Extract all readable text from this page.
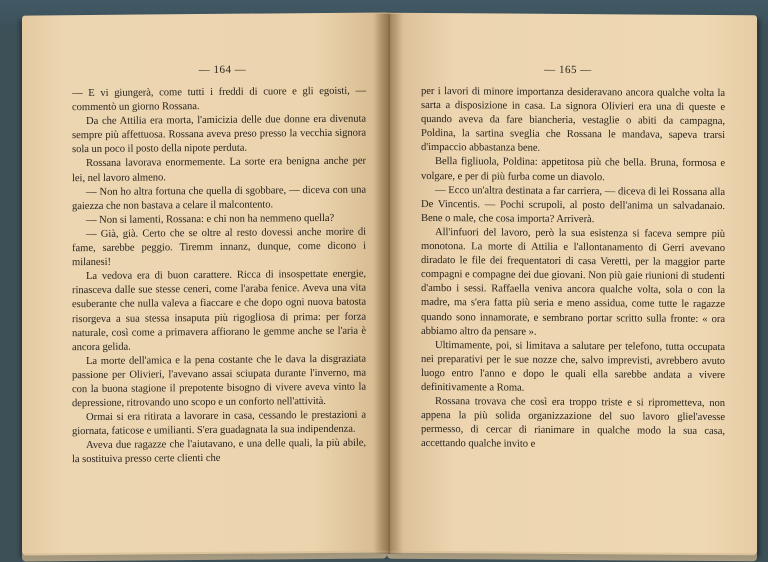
— 164 —

— E vi giungerà, come tutti i freddi di cuore e gli egoisti, — commentò un giorno Rossana.

Da che Attilia era morta, l'amicizia delle due donne era divenuta sempre più affettuosa. Rossana aveva preso presso la vecchia signora sola un poco il posto della nipote perduta.

Rossana lavorava enormemente. La sorte era benigna anche per lei, nel lavoro almeno.

— Non ho altra fortuna che quella di sgobbare, — diceva con una gaiezza che non bastava a celare il malcontento.

— Non si lamenti, Rossana: e chi non ha nemmeno quella?

— Già, già. Certo che se oltre al resto dovessi anche morire di fame, sarebbe peggio. Tiremm innanz, dunque, come dicono i milanesi!

La vedova era di buon carattere. Ricca di insospettate energie, rinasceva dalle sue stesse ceneri, come l'araba fenice. Aveva una vita esuberante che nulla valeva a fiaccare e che dopo ogni nuova batosta risorgeva a sua stessa insaputa più rigogliosa di prima: per forza naturale, così come a primavera affiorano le gemme anche se l'aria è ancora gelida.

La morte dell'amica e la pena costante che le dava la disgraziata passione per Olivieri, l'avevano assai sciupata durante l'inverno, ma con la buona stagione il prepotente bisogno di vivere aveva vinto la depressione, ritrovando uno scopo e un conforto nell'attività.

Ormai si era ritirata a lavorare in casa, cessando le prestazioni a giornata, faticose e umilianti. S'era guadagnata la sua indipendenza.

Aveva due ragazze che l'aiutavano, e una delle quali, la più abile, la sostituiva presso certe clienti che

— 165 —

per i lavori di minore importanza desideravano ancora qualche volta la sarta a disposizione in casa. La signora Olivieri era una di queste e quando aveva da fare biancheria, vestaglie o abiti da campagna, Poldina, la sartina sveglia che Rossana le mandava, sapeva trarsi d'impaccio abbastanza bene.

Bella figliuola, Poldina: appetitosa più che bella. Bruna, formosa e volgare, e per di più furba come un diavolo.

— Ecco un'altra destinata a far carriera, — diceva di lei Rossana alla De Vincentis. — Pochi scrupoli, al posto dell'anima un salvadanaio. Bene o male, che cosa importa? Arriverà.

All'infuori del lavoro, però la sua esistenza si faceva sempre più monotona. La morte di Attilia e l'allontanamento di Gerri avevano diradato le file dei frequentatori di casa Veretti, per la maggior parte compagni e compagne dei due giovani. Non più gaie riunioni di studenti d'ambo i sessi. Raffaella veniva ancora qualche volta, sola o con la madre, ma s'era fatta più seria e meno assidua, come tutte le ragazze quando sono innamorate, e sembrano portar scritto sulla fronte: « ora abbiamo altro da pensare ».

Ultimamente, poi, si limitava a salutare per telefono, tutta occupata nei preparativi per le sue nozze che, salvo imprevisti, avrebbero avuto luogo entro l'anno e dopo le quali ella sarebbe andata a vivere definitivamente a Roma.

Rossana trovava che così era troppo triste e si riprometteva, non appena la più solida organizzazione del suo lavoro gliel'avesse permesso, di cercar di rianimare in qualche modo la sua casa, accettando qualche invito e
